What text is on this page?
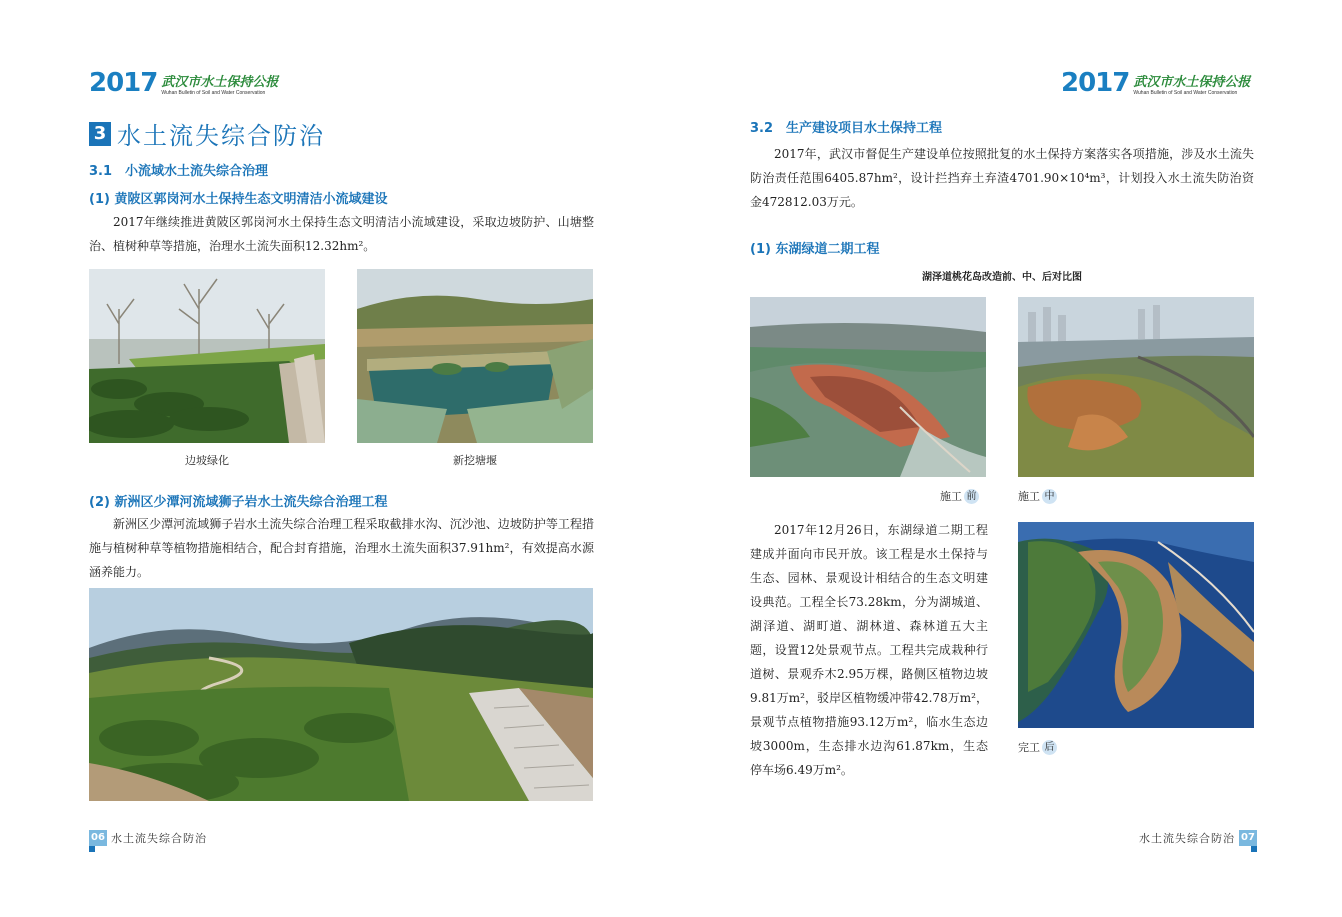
2017 武汉市水土保持公报
Wuhan Bulletin of Soil and Water Conservation
3 水土流失综合防治
3.1　小流域水土流失综合治理
(1) 黄陂区郭岗河水土保持生态文明清洁小流域建设
2017年继续推进黄陂区郭岗河水土保持生态文明清洁小流域建设，采取边坡防护、山塘整治、植树种草等措施，治理水土流失面积12.32hm²。
边坡绿化	新挖塘堰
(2) 新洲区少潭河流域狮子岩水土流失综合治理工程
新洲区少潭河流域狮子岩水土流失综合治理工程采取截排水沟、沉沙池、边坡防护等工程措施与植树种草等植物措施相结合，配合封育措施，治理水土流失面积37.91hm²，有效提高水源涵养能力。
06 水土流失综合防治
2017 武汉市水土保持公报
Wuhan Bulletin of Soil and Water Conservation
3.2　生产建设项目水土保持工程
2017年，武汉市督促生产建设单位按照批复的水土保持方案落实各项措施，涉及水土流失防治责任范围6405.87hm²，设计拦挡弃土弃渣4701.90×10⁴m³，计划投入水土流失防治资金472812.03万元。
(1) 东湖绿道二期工程
湖泽道桃花岛改造前、中、后对比图
施工 前	施工 中
2017年12月26日，东湖绿道二期工程建成并面向市民开放。该工程是水土保持与生态、园林、景观设计相结合的生态文明建设典范。工程全长73.28km，分为湖城道、湖泽道、湖町道、湖林道、森林道五大主题，设置12处景观节点。工程共完成栽种行道树、景观乔木2.95万棵，路侧区植物边坡9.81万m²，驳岸区植物缓冲带42.78万m²，景观节点植物措施93.12万m²，临水生态边坡3000m，生态排水边沟61.87km，生态停车场6.49万m²。
完工 后
水土流失综合防治 07
